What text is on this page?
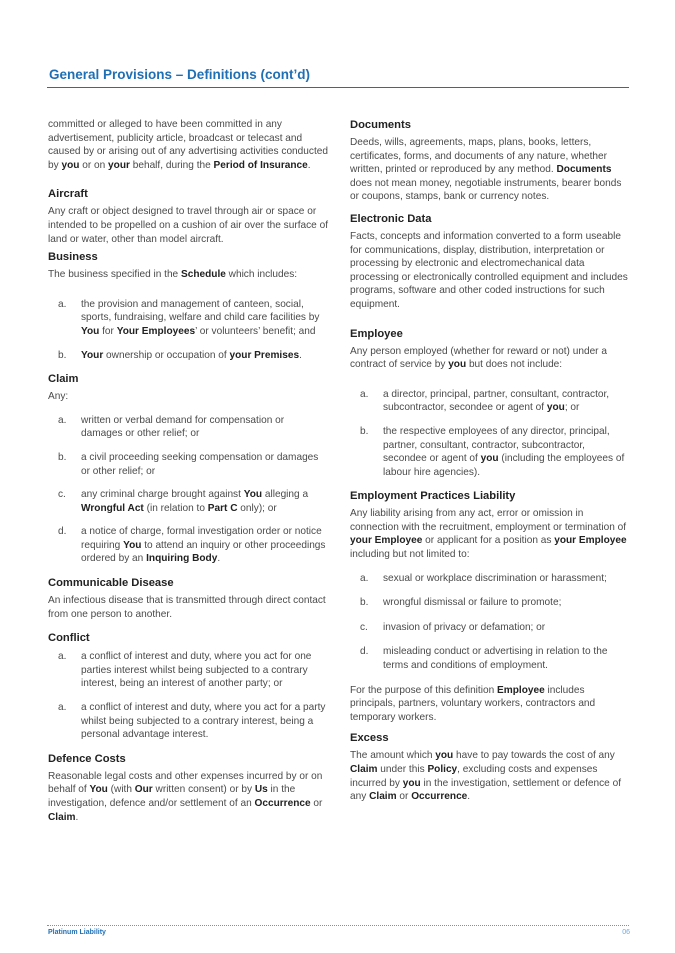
General Provisions – Definitions (cont’d)

committed or alleged to have been committed in any advertisement, publicity article, broadcast or telecast and caused by or arising out of any advertising activities conducted by you or on your behalf, during the Period of Insurance.

Aircraft

Any craft or object designed to travel through air or space or intended to be propelled on a cushion of air over the surface of land or water, other than model aircraft.

Business

The business specified in the Schedule which includes:

a. the provision and management of canteen, social, sports, fundraising, welfare and child care facilities by You for Your Employees’ or volunteers’ benefit; and
b. Your ownership or occupation of your Premises.
Claim

Any:

a. written or verbal demand for compensation or damages or other relief; or
b. a civil proceeding seeking compensation or damages or other relief; or
c. any criminal charge brought against You alleging a Wrongful Act (in relation to Part C only); or
d. a notice of charge, formal investigation order or notice requiring You to attend an inquiry or other proceedings ordered by an Inquiring Body.
Communicable Disease

An infectious disease that is transmitted through direct contact from one person to another.

Conflict
a. a conflict of interest and duty, where you act for one parties interest whilst being subjected to a contrary interest, being an interest of another party; or
a. a conflict of interest and duty, where you act for a party whilst being subjected to a contrary interest, being a personal advantage interest.
Defence Costs

Reasonable legal costs and other expenses incurred by or on behalf of You (with Our written consent) or by Us in the investigation, defence and/or settlement of an Occurrence or Claim.

Documents

Deeds, wills, agreements, maps, plans, books, letters, certificates, forms, and documents of any nature, whether written, printed or reproduced by any method. Documents does not mean money, negotiable instruments, bearer bonds or coupons, stamps, bank or currency notes.

Electronic Data

Facts, concepts and information converted to a form useable for communications, display, distribution, interpretation or processing by electronic and electromechanical data processing or electronically controlled equipment and includes programs, software and other coded instructions for such equipment.

Employee

Any person employed (whether for reward or not) under a contract of service by you but does not include:

a. a director, principal, partner, consultant, contractor, subcontractor, secondee or agent of you; or
b. the respective employees of any director, principal, partner, consultant, contractor, subcontractor, secondee or agent of you (including the employees of labour hire agencies).
Employment Practices Liability

Any liability arising from any act, error or omission in connection with the recruitment, employment or termination of your Employee or applicant for a position as your Employee including but not limited to:

a. sexual or workplace discrimination or harassment;
b. wrongful dismissal or failure to promote;
c. invasion of privacy or defamation; or
d. misleading conduct or advertising in relation to the terms and conditions of employment.

For the purpose of this definition Employee includes principals, partners, voluntary workers, contractors and temporary workers.

Excess

The amount which you have to pay towards the cost of any Claim under this Policy, excluding costs and expenses incurred by you in the investigation, settlement or defence of any Claim or Occurrence.

Platinum Liability	06
